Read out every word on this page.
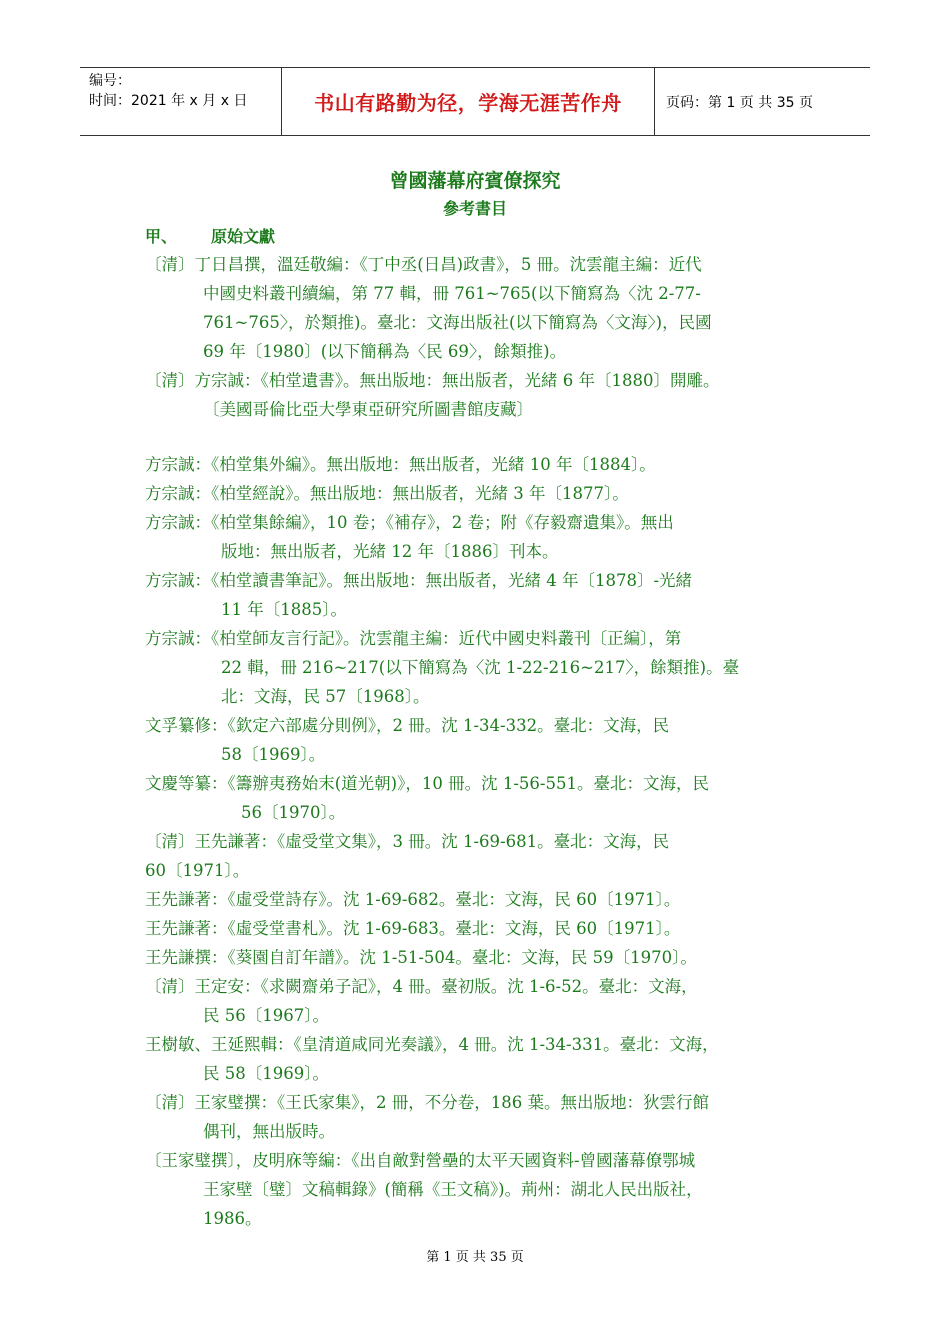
编号：
时间：2021 年 x 月 x 日	书山有路勤为径，学海无涯苦作舟	页码：第 1 页 共 35 页
曾國藩幕府賓僚探究
參考書目
甲、 原始文獻
〔清〕丁日昌撰，溫廷敬編：《丁中丞(日昌)政書》，5 冊。沈雲龍主編：近代
中國史料叢刊續編，第 77 輯，冊 761~765(以下簡寫為〈沈 2-77-
761~765〉，於類推)。臺北：文海出版社(以下簡寫為〈文海〉)，民國
69 年〔1980〕(以下簡稱為〈民 69〉，餘類推)。
〔清〕方宗誠：《柏堂遺書》。無出版地：無出版者，光緒 6 年〔1880〕開雕。
〔美國哥倫比亞大學東亞研究所圖書館庋藏〕
方宗誠：《柏堂集外編》。無出版地：無出版者，光緒 10 年〔1884〕。
方宗誠：《柏堂經說》。無出版地：無出版者，光緒 3 年〔1877〕。
方宗誠：《柏堂集餘編》，10 卷；《補存》，2 卷；附《存毅齋遺集》。無出
版地：無出版者，光緒 12 年〔1886〕刊本。
方宗誠：《柏堂讀書筆記》。無出版地：無出版者，光緒 4 年〔1878〕-光緒
11 年〔1885〕。
方宗誠：《柏堂師友言行記》。沈雲龍主編：近代中國史料叢刊〔正編〕，第
22 輯，冊 216~217(以下簡寫為〈沈 1-22-216~217〉，餘類推)。臺
北：文海，民 57〔1968〕。
文孚纂修：《欽定六部處分則例》，2 冊。沈 1-34-332。臺北：文海，民
58〔1969〕。
文慶等纂：《籌辦夷務始末(道光朝)》，10 冊。沈 1-56-551。臺北：文海，民
56〔1970〕。
〔清〕王先謙著：《虛受堂文集》，3 冊。沈 1-69-681。臺北：文海，民
60〔1971〕。
王先謙著：《虛受堂詩存》。沈 1-69-682。臺北：文海，民 60〔1971〕。
王先謙著：《虛受堂書札》。沈 1-69-683。臺北：文海，民 60〔1971〕。
王先謙撰：《葵園自訂年譜》。沈 1-51-504。臺北：文海，民 59〔1970〕。
〔清〕王定安：《求闕齋弟子記》，4 冊。臺初版。沈 1-6-52。臺北：文海，
民 56〔1967〕。
王樹敏、王延熙輯：《皇清道咸同光奏議》，4 冊。沈 1-34-331。臺北：文海，
民 58〔1969〕。
〔清〕王家璧撰：《王氏家集》，2 冊，不分卷，186 葉。無出版地：狄雲行館
偶刊，無出版時。
〔王家璧撰〕，皮明庥等編：《出自敵對營壘的太平天國資料-曾國藩幕僚鄂城
王家壁〔璧〕文稿輯錄》(簡稱《王文稿》)。荊州：湖北人民出版社，
1986。
第 1 页 共 35 页
